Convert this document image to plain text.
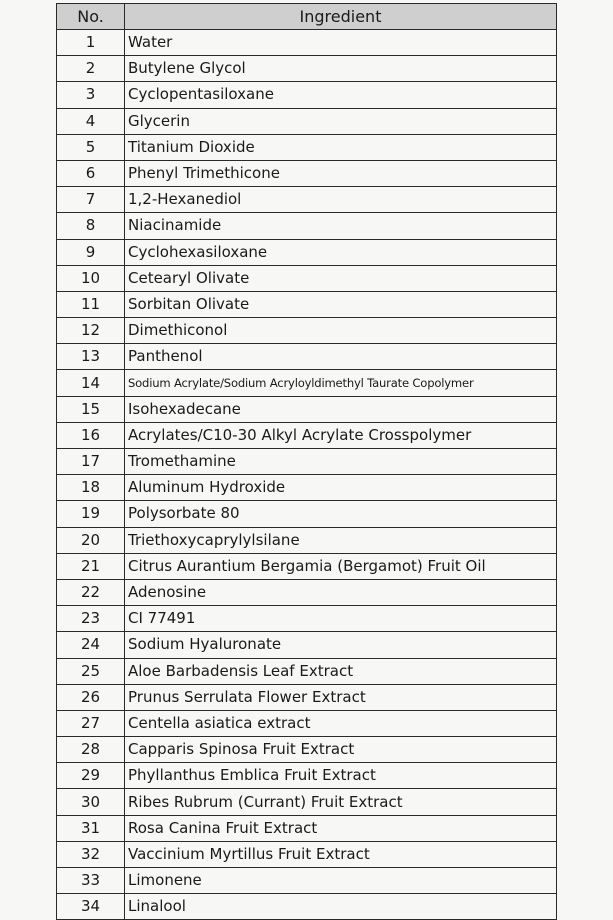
No.	Ingredient
1	Water
2	Butylene Glycol
3	Cyclopentasiloxane
4	Glycerin
5	Titanium Dioxide
6	Phenyl Trimethicone
7	1,2-Hexanediol
8	Niacinamide
9	Cyclohexasiloxane
10	Cetearyl Olivate
11	Sorbitan Olivate
12	Dimethiconol
13	Panthenol
14	Sodium Acrylate/Sodium Acryloyldimethyl Taurate Copolymer
15	Isohexadecane
16	Acrylates/C10-30 Alkyl Acrylate Crosspolymer
17	Tromethamine
18	Aluminum Hydroxide
19	Polysorbate 80
20	Triethoxycaprylylsilane
21	Citrus Aurantium Bergamia (Bergamot) Fruit Oil
22	Adenosine
23	CI 77491
24	Sodium Hyaluronate
25	Aloe Barbadensis Leaf Extract
26	Prunus Serrulata Flower Extract
27	Centella asiatica extract
28	Capparis Spinosa Fruit Extract
29	Phyllanthus Emblica Fruit Extract
30	Ribes Rubrum (Currant) Fruit Extract
31	Rosa Canina Fruit Extract
32	Vaccinium Myrtillus Fruit Extract
33	Limonene
34	Linalool
